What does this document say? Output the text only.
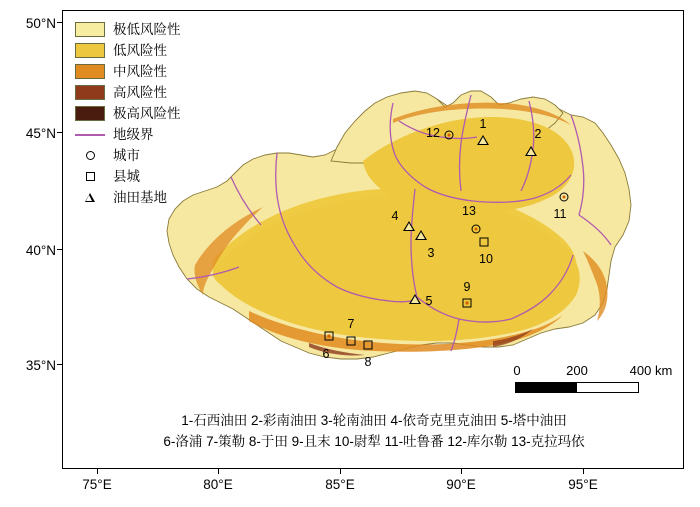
50°N
45°N
40°N
35°N
75°E	80°E	85°E	90°E	95°E
极低风险性
低风险性
中风险性
高风险性
极高风险性
地级界
城市
县城
油田基地
1
2
3
4
5
6
7
8
9
10
11
12
13
0	200	400 km
1-石西油田 2-彩南油田 3-轮南油田 4-依奇克里克油田 5-塔中油田
6-洛浦 7-策勒 8-于田 9-且末 10-尉犁 11-吐鲁番 12-库尔勒 13-克拉玛依
